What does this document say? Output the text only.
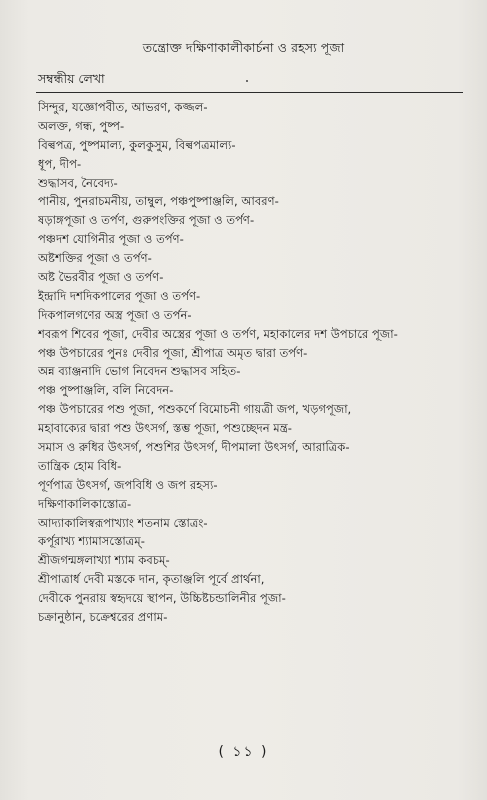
তন্ত্রোক্ত দক্ষিণাকালীকার্চনা ও রহস্য পূজা
সম্বন্ধীয় লেখা
সিন্দুর, যজ্ঞোপবীত, আভরণ, কজ্জল-
অলক্ত, গন্ধ, পুষ্প-
বিল্বপত্র, পুষ্পমাল্য, কুলকুসুম, বিল্বপত্রমাল্য-
ধূপ, দীপ-
শুদ্ধাসব, নৈবেদ্য-
পানীয়, পুনরাচমনীয়, তাম্বুল, পঞ্চপুষ্পাঞ্জলি, আবরণ-
ষড়াঙ্গপূজা ও তর্পণ, গুরুপংক্তির পূজা ও তর্পণ-
পঞ্চদশ যোগিনীর পূজা ও তর্পণ-
অষ্টশক্তির পূজা ও তর্পণ-
অষ্ট ভৈরবীর পূজা ও তর্পণ-
ইন্দ্রাদি দশদিকপালের পূজা ও তর্পণ-
দিকপালগণের অস্ত্র পূজা ও তর্পন-
শবরূপ শিবের পূজা, দেবীর অস্ত্রের পূজা ও তর্পণ, মহাকালের দশ উপচারে পূজা-
পঞ্চ উপচারের পুনঃ দেবীর পূজা, শ্রীপাত্র অমৃত দ্বারা তর্পণ-
অন্ন ব্যাঞ্জনাদি ভোগ নিবেদন শুদ্ধাসব সহিত-
পঞ্চ পুষ্পাঞ্জলি, বলি নিবেদন-
পঞ্চ উপচারের পশু পূজা, পশুকর্ণে বিমোচনী গায়ত্রী জপ, খড়গপূজা,
মহাবাক্যের দ্বারা পশু উৎসর্গ, স্তম্ভ পূজা, পশুচ্ছেদন মন্ত্র-
সমাস ও রুধির উৎসর্গ, পশুশির উৎসর্গ, দীপমালা উৎসর্গ, আরাত্রিক-
তান্ত্রিক হোম বিধি-
পূর্ণপাত্র উৎসর্গ, জপবিধি ও জপ রহস্য-
দক্ষিণাকালিকাস্তোত্র-
আদ্যাকালিস্বরূপাখ্যাং শতনাম স্তোত্রং-
কর্পূরাখ্য শ্যামাসস্তোত্রম্-
শ্রীজগন্মঙ্গলাখ্যা শ্যাম কবচম্-
শ্রীপাত্রার্ধ দেবী মস্তকে দান, কৃতাঞ্জলি পূর্বে প্রার্থনা,
দেবীকে পুনরায় স্বহৃদয়ে স্থাপন, উচ্চিষ্টচন্ডালিনীর পূজা-
চক্রানুষ্ঠান, চক্রেশ্বরের প্রণাম-
( ১১ )
